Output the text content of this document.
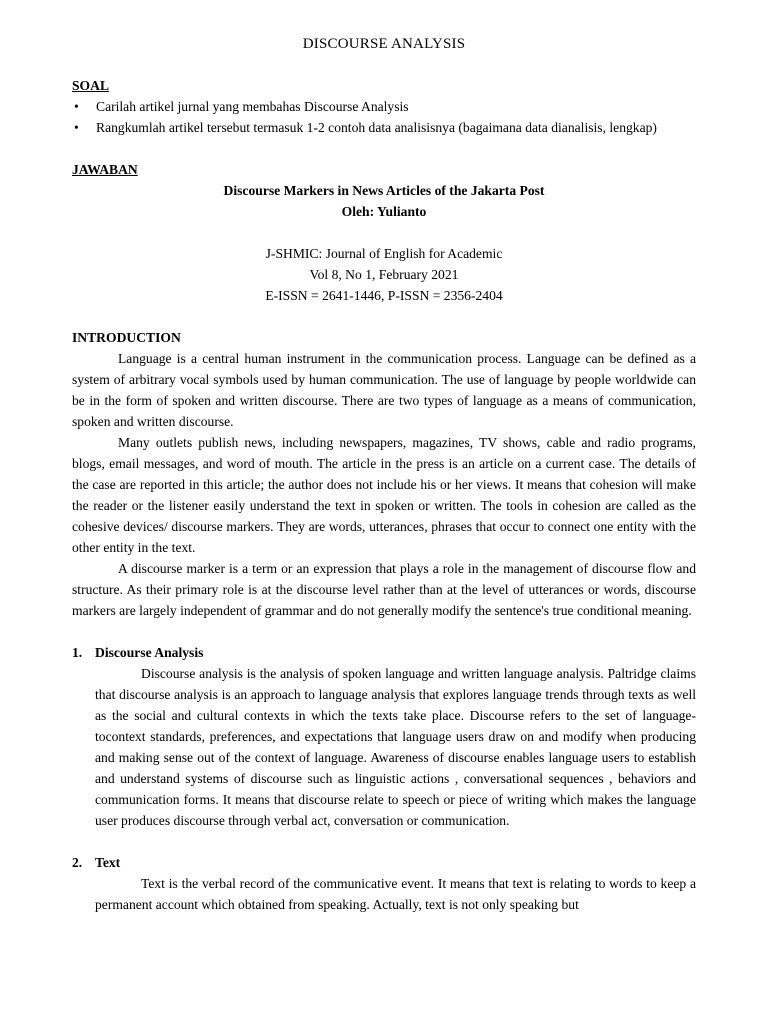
DISCOURSE ANALYSIS
SOAL
• Carilah artikel jurnal yang membahas Discourse Analysis
• Rangkumlah artikel tersebut termasuk 1-2 contoh data analisisnya (bagaimana data dianalisis, lengkap)
JAWABAN
Discourse Markers in News Articles of the Jakarta Post
Oleh: Yulianto
J-SHMIC: Journal of English for Academic
Vol 8, No 1, February 2021
E-ISSN = 2641-1446, P-ISSN = 2356-2404
INTRODUCTION

Language is a central human instrument in the communication process. Language can be defined as a system of arbitrary vocal symbols used by human communication. The use of language by people worldwide can be in the form of spoken and written discourse. There are two types of language as a means of communication, spoken and written discourse.

Many outlets publish news, including newspapers, magazines, TV shows, cable and radio programs, blogs, email messages, and word of mouth. The article in the press is an article on a current case. The details of the case are reported in this article; the author does not include his or her views. It means that cohesion will make the reader or the listener easily understand the text in spoken or written. The tools in cohesion are called as the cohesive devices/ discourse markers. They are words, utterances, phrases that occur to connect one entity with the other entity in the text.

A discourse marker is a term or an expression that plays a role in the management of discourse flow and structure. As their primary role is at the discourse level rather than at the level of utterances or words, discourse markers are largely independent of grammar and do not generally modify the sentence's true conditional meaning.

1. Discourse Analysis

Discourse analysis is the analysis of spoken language and written language analysis. Paltridge claims that discourse analysis is an approach to language analysis that explores language trends through texts as well as the social and cultural contexts in which the texts take place. Discourse refers to the set of language-tocontext standards, preferences, and expectations that language users draw on and modify when producing and making sense out of the context of language. Awareness of discourse enables language users to establish and understand systems of discourse such as linguistic actions , conversational sequences , behaviors and communication forms. It means that discourse relate to speech or piece of writing which makes the language user produces discourse through verbal act, conversation or communication.

2. Text

Text is the verbal record of the communicative event. It means that text is relating to words to keep a permanent account which obtained from speaking. Actually, text is not only speaking but
